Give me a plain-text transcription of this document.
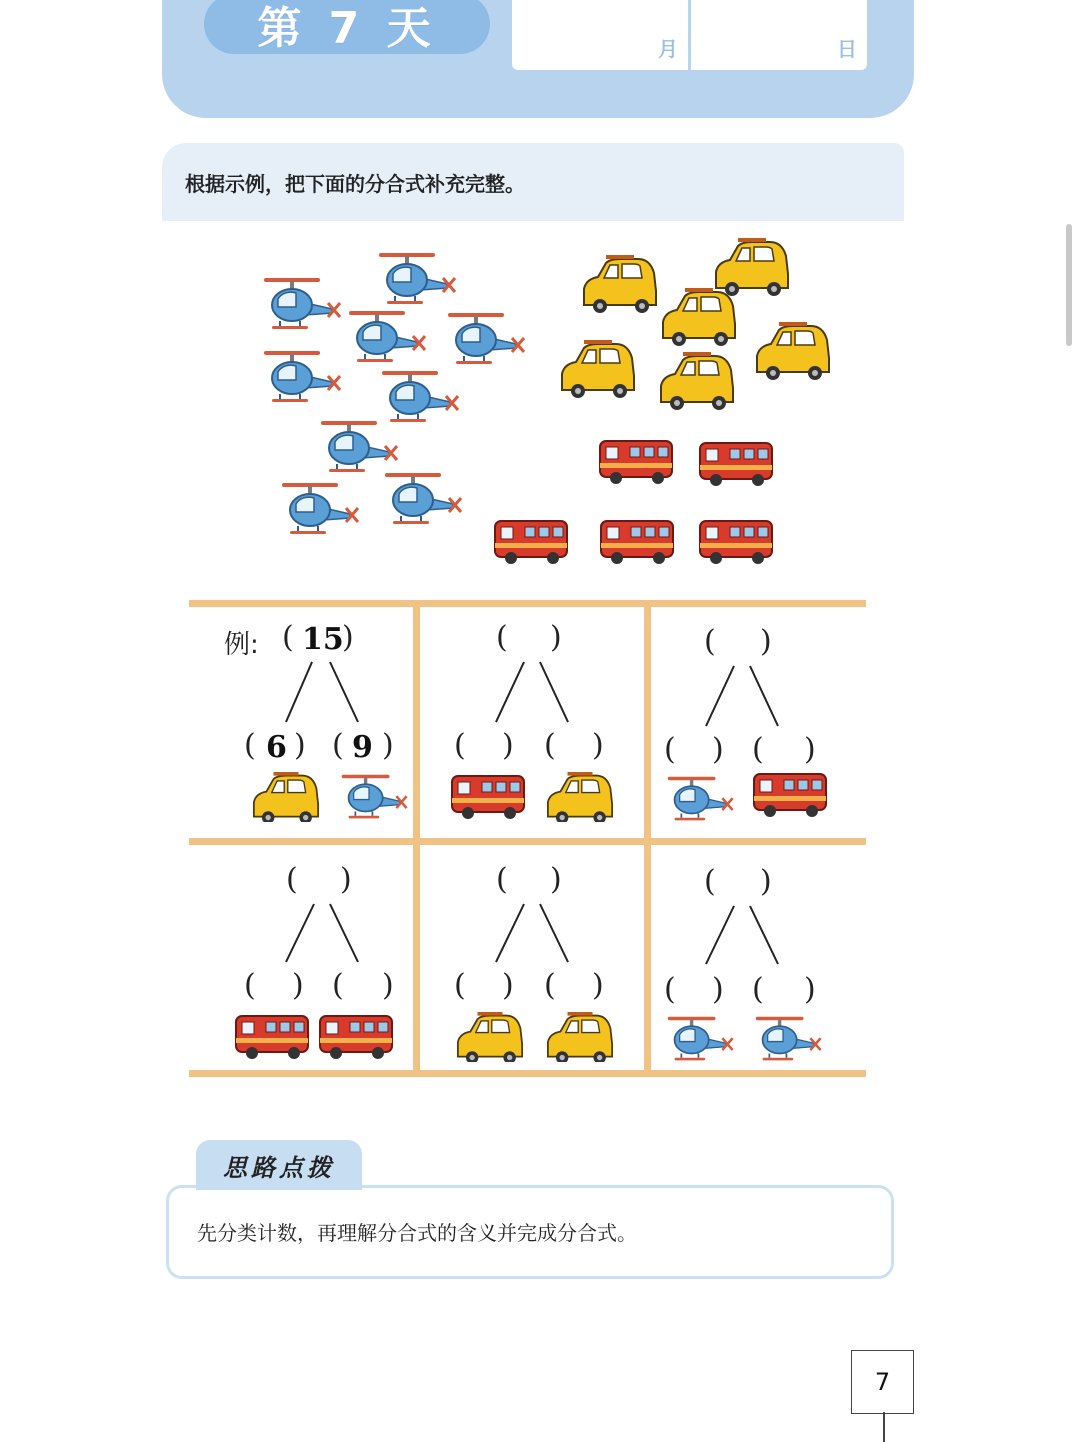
第 7 天	月	日
根据示例，把下面的分合式补充完整。
例: ( 15
)
( 6 ) ( 9 )
( )
( ) ( )
( )
( ) ( )
( )
( ) ( )
( )
( ) ( )
( )
( ) ( )
思路点拨
先分类计数，再理解分合式的含义并完成分合式。
7
